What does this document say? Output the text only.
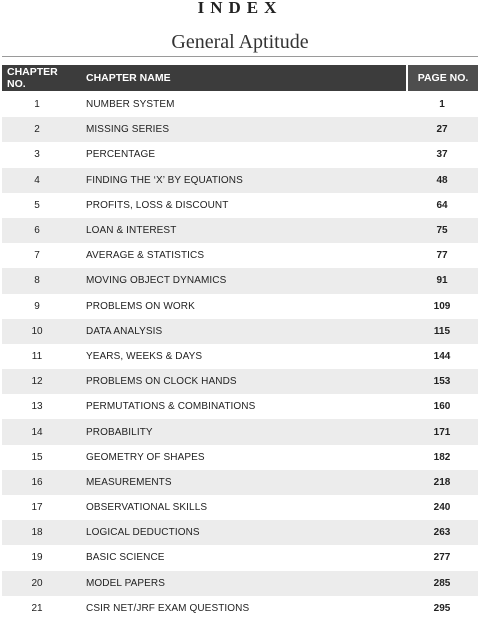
INDEX
General Aptitude
CHAPTER NO.	CHAPTER NAME	PAGE NO.
1	NUMBER SYSTEM	1
2	MISSING SERIES	27
3	PERCENTAGE	37
4	FINDING THE ‘X’ BY EQUATIONS	48
5	PROFITS, LOSS & DISCOUNT	64
6	LOAN & INTEREST	75
7	AVERAGE & STATISTICS	77
8	MOVING OBJECT DYNAMICS	91
9	PROBLEMS ON WORK	109
10	DATA ANALYSIS	115
11	YEARS, WEEKS & DAYS	144
12	PROBLEMS ON CLOCK HANDS	153
13	PERMUTATIONS & COMBINATIONS	160
14	PROBABILITY	171
15	GEOMETRY OF SHAPES	182
16	MEASUREMENTS	218
17	OBSERVATIONAL SKILLS	240
18	LOGICAL DEDUCTIONS	263
19	BASIC SCIENCE	277
20	MODEL PAPERS	285
21	CSIR NET/JRF EXAM QUESTIONS	295
